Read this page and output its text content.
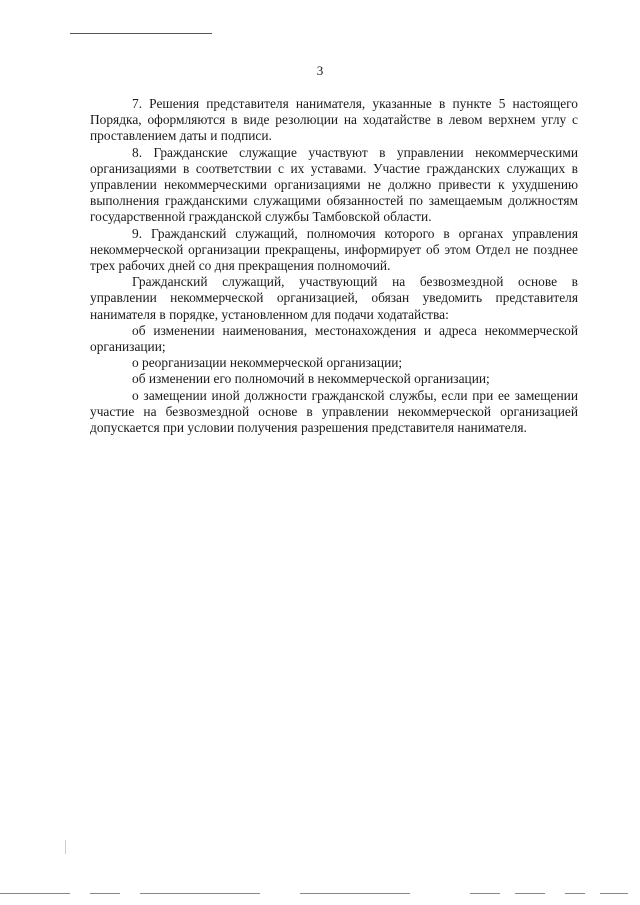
3

7. Решения представителя нанимателя, указанные в пункте 5 настоящего Порядка, оформляются в виде резолюции на ходатайстве в левом верхнем углу с проставлением даты и подписи.

8. Гражданские служащие участвуют в управлении некоммерческими организациями в соответствии с их уставами. Участие гражданских служащих в управлении некоммерческими организациями не должно привести к ухудшению выполнения гражданскими служащими обязанностей по замещаемым должностям государственной гражданской службы Тамбовской области.

9. Гражданский служащий, полномочия которого в органах управления некоммерческой организации прекращены, информирует об этом Отдел не позднее трех рабочих дней со дня прекращения полномочий.

Гражданский служащий, участвующий на безвозмездной основе в управлении некоммерческой организацией, обязан уведомить представителя нанимателя в порядке, установленном для подачи ходатайства:

об изменении наименования, местонахождения и адреса некоммерческой организации;

о реорганизации некоммерческой организации;

об изменении его полномочий в некоммерческой организации;

о замещении иной должности гражданской службы, если при ее замещении участие на безвозмездной основе в управлении некоммерческой организацией допускается при условии получения разрешения представителя нанимателя.
